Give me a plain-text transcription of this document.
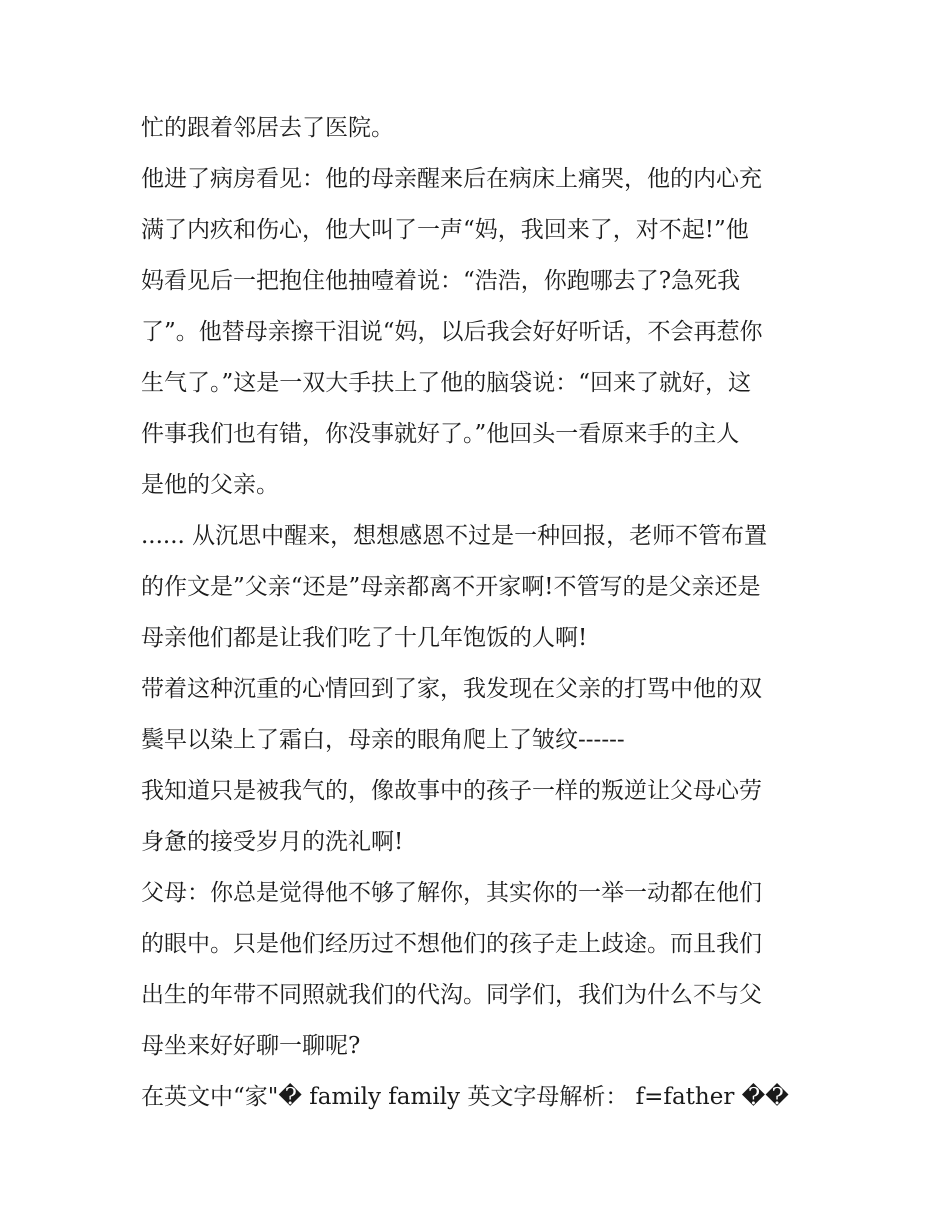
忙的跟着邻居去了医院。
他进了病房看见：他的母亲醒来后在病床上痛哭，他的内心充
满了内疚和伤心，他大叫了一声“妈，我回来了，对不起!”他
妈看见后一把抱住他抽噎着说：“浩浩，你跑哪去了?急死我
了”。他替母亲擦干泪说“妈，以后我会好好听话，不会再惹你
生气了。”这是一双大手扶上了他的脑袋说：“回来了就好，这
件事我们也有错，你没事就好了。”他回头一看原来手的主人
是他的父亲。
...... 从沉思中醒来，想想感恩不过是一种回报，老师不管布置
的作文是”父亲“还是”母亲都离不开家啊!不管写的是父亲还是
母亲他们都是让我们吃了十几年饱饭的人啊!
带着这种沉重的心情回到了家，我发现在父亲的打骂中他的双
鬓早以染上了霜白，母亲的眼角爬上了皱纹------
我知道只是被我气的，像故事中的孩子一样的叛逆让父母心劳
身惫的接受岁月的洗礼啊!
父母：你总是觉得他不够了解你，其实你的一举一动都在他们
的眼中。只是他们经历过不想他们的孩子走上歧途。而且我们
出生的年带不同照就我们的代沟。同学们，我们为什么不与父
母坐来好好聊一聊呢?
在英文中“家"� family family 英文字母解析： f=father ��
